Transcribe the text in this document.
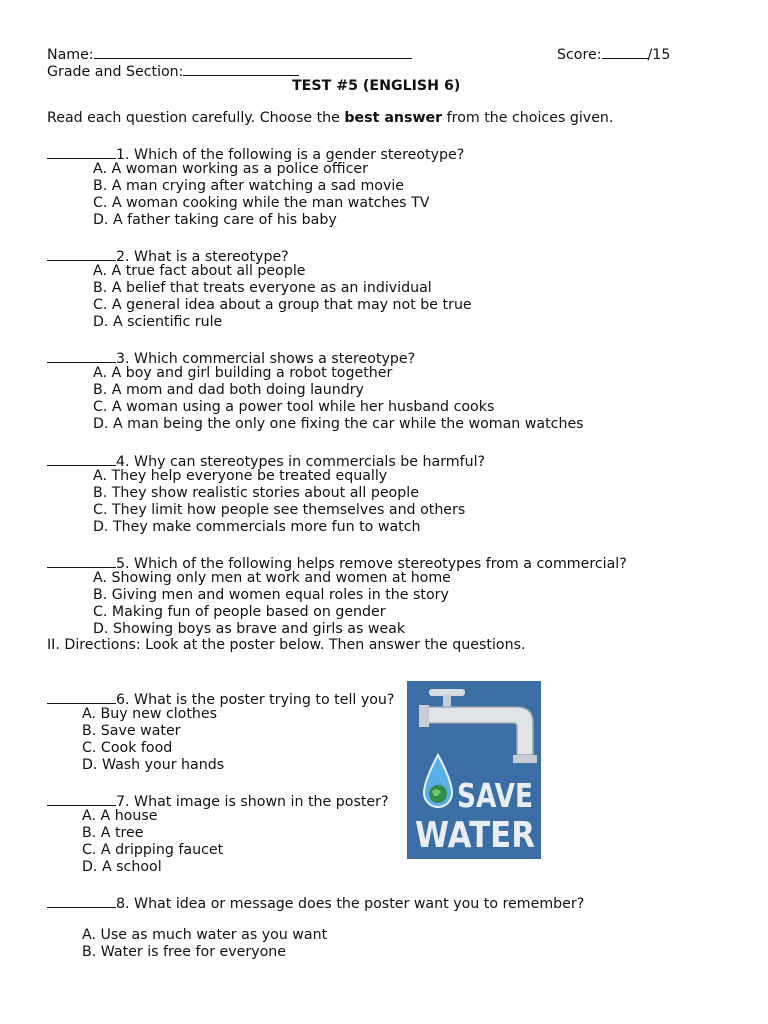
Name:	Score:	/15
Grade and Section:
TEST #5 (ENGLISH 6)
Read each question carefully. Choose the best answer from the choices given.
1. Which of the following is a gender stereotype?
A. A woman working as a police officer
B. A man crying after watching a sad movie
C. A woman cooking while the man watches TV
D. A father taking care of his baby
2. What is a stereotype?
A. A true fact about all people
B. A belief that treats everyone as an individual
C. A general idea about a group that may not be true
D. A scientific rule
3. Which commercial shows a stereotype?
A. A boy and girl building a robot together
B. A mom and dad both doing laundry
C. A woman using a power tool while her husband cooks
D. A man being the only one fixing the car while the woman watches
4. Why can stereotypes in commercials be harmful?
A. They help everyone be treated equally
B. They show realistic stories about all people
C. They limit how people see themselves and others
D. They make commercials more fun to watch
5. Which of the following helps remove stereotypes from a commercial?
A. Showing only men at work and women at home
B. Giving men and women equal roles in the story
C. Making fun of people based on gender
D. Showing boys as brave and girls as weak
II. Directions: Look at the poster below. Then answer the questions.
6. What is the poster trying to tell you?
A. Buy new clothes
B. Save water
C. Cook food
D. Wash your hands
7. What image is shown in the poster?
A. A house
B. A tree
C. A dripping faucet
D. A school
8. What idea or message does the poster want you to remember?
A. Use as much water as you want
B. Water is free for everyone
SAVE
WATER
